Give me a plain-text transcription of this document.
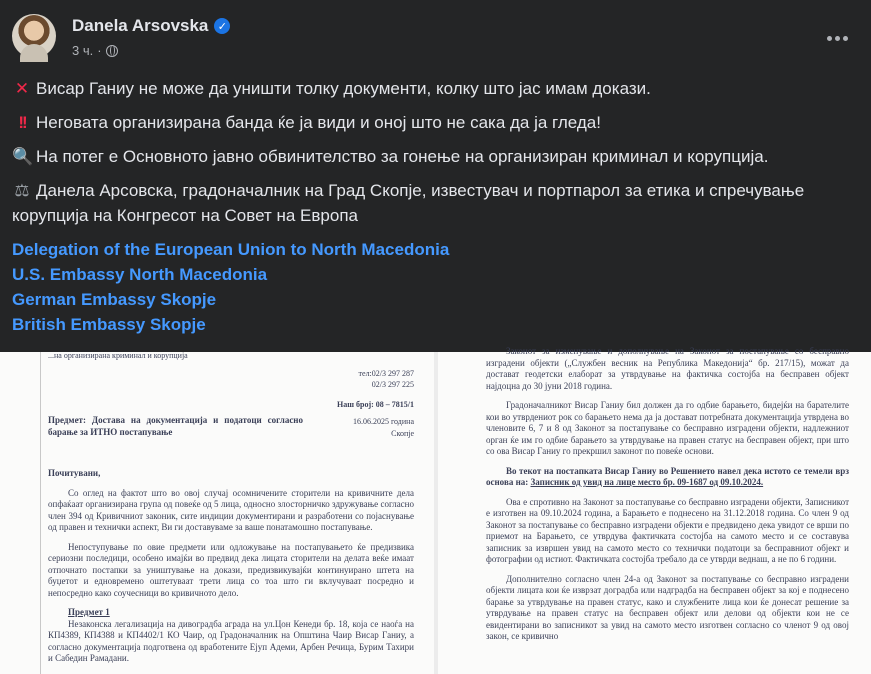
Danela Arsovska ✓
3 ч. ·
✕ Висар Ганиу не може да уништи толку документи, колку што јас имам докази.
!! Неговата организирана банда ќе ја види и оној што не сака да ја гледа!
🔍 На потег е Основното јавно обвинителство за гонење на организиран криминал и корупција.
⚖ Данела Арсовска, градоначалник на Град Скопје, известувач и портпарол за етика и спречување корупција на Конгресот на Совет на Европа
Delegation of the European Union to North Macedonia
U.S. Embassy North Macedonia
German Embassy Skopje
British Embassy Skopje
...на организирана криминал и корупција
тел:02/3 297 287
02/3 297 225
Наш број: 08 – 7815/1
16.06.2025 година
Скопје

Предмет: Достава на документација и податоци согласно барање за ИТНО постапување

Почитувани,

Со оглед на фактот што во овој случај осомничените сторители на кривичните дела опфаќаат организирана група од повеќе од 5 лица, односно злосторничко здружување согласно член 394 од Кривичниот законик, сите индиции документирани и разработени со појаснување од правен и технички аспект, Ви ги доставуваме за ваше понатамошно постапување.

Непоступување по овие предмети или одложување на постапувањето ќе предизвика сериозни последици, особено имајќи во предвид дека лицата сторители на делата веќе имаат отпочнато постапки за уништување на докази, предизвикувајќи континуирано штета на буџетот и едновремено оштетуваат трети лица со тоа што ги вклучуваат посредно и непосредно како соучесници во кривичното дело.

Предмет 1

Незаконска легализација на дивоградба аграда на ул.Цон Кенеди бр. 18, која се наоѓа на КП4389, КП4388 и КП4402/1 КО Чаир, од Градоначалник на Општина Чаир Висар Ганиу, а согласно документација подготвена од вработените Ејуп Адеми, Арбен Речица, Бурим Тахири и Сабедин Рамадани.

Законот за изменување и дополнување на Законот за постапување со бесправно изградени објекти („Службен весник на Република Македонија“ бр. 217/15), можат да достават геодетски елаборат за утврдување на фактичка состојба на бесправен објект најдоцна до 30 јуни 2018 година.

Градоначалникот Висар Ганиу бил должен да го одбие барањето, бидејќи на барателите кои во утврдениот рок со барањето нема да ја достават потребната документација утврдена во членовите 6, 7 и 8 од Законот за постапување со бесправно изградени објекти, надлежниот орган ќе им го одбие барањето за утврдување на правен статус на бесправен објект, при што со ова Висар Ганиу го прекршил законот по повеќе основи.

Во текот на постапката Висар Ганиу во Решението навел дека истото се темели врз основа на: Записник од увид на лице место бр. 09-1687 од 09.10.2024.

Ова е спротивно на Законот за постапување со бесправно изградени објекти, Записникот е изготвен на 09.10.2024 година, а Барањето е поднесено на 31.12.2018 година. Со член 9 од Законот за постапување со бесправно изградени објекти е предвидено дека увидот се врши по приемот на Барањето, се утврдува фактичката состојба на самото место и се составува записник за извршен увид на самото место со технички податоци за бесправниот објект и фотографии од истиот. Фактичката состојба требало да се утврди веднаш, а не по 6 години.

Дополнително согласно член 24-а од Законот за постапување со бесправно изградени објекти лицата кои ќе изврзат доградба или надградба на бесправен објект за кој е поднесено барање за утврдување на правен статус, како и службените лица кои ќе донесат решение за утврдување на правен статус на бесправен објект или делови од објекти кои не се евидентирани во записникот за увид на самото место изготвен согласно со членот 9 од овој закон, се кривично
